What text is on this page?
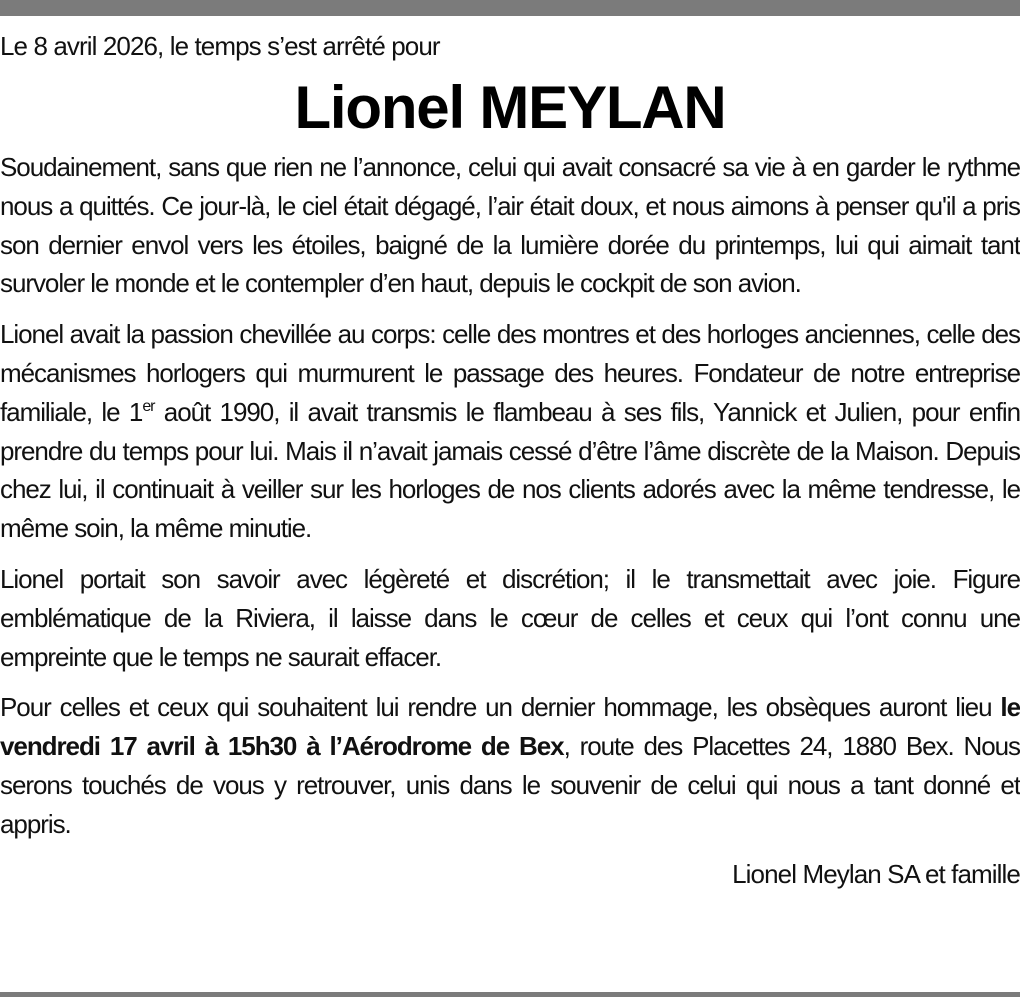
Le 8 avril 2026, le temps s’est arrêté pour

Lionel MEYLAN

Soudainement, sans que rien ne l’annonce, celui qui avait consacré sa vie à en garder le rythme nous a quittés. Ce jour-là, le ciel était dégagé, l’air était doux, et nous aimons à penser qu'il a pris son dernier envol vers les étoiles, baigné de la lumière dorée du printemps, lui qui aimait tant survoler le monde et le contempler d’en haut, depuis le cockpit de son avion.

Lionel avait la passion chevillée au corps: celle des montres et des horloges anciennes, celle des mécanismes horlogers qui murmurent le passage des heures. Fondateur de notre entreprise familiale, le 1er août 1990, il avait transmis le flambeau à ses fils, Yannick et Julien, pour enfin prendre du temps pour lui. Mais il n’avait jamais cessé d’être l’âme discrète de la Maison. Depuis chez lui, il continuait à veiller sur les horloges de nos clients adorés avec la même tendresse, le même soin, la même minutie.

Lionel portait son savoir avec légèreté et discrétion; il le transmettait avec joie. Figure emblématique de la Riviera, il laisse dans le cœur de celles et ceux qui l’ont connu une empreinte que le temps ne saurait effacer.

Pour celles et ceux qui souhaitent lui rendre un dernier hommage, les obsèques auront lieu le vendredi 17 avril à 15h30 à l’Aérodrome de Bex, route des Placettes 24, 1880 Bex. Nous serons touchés de vous y retrouver, unis dans le souvenir de celui qui nous a tant donné et appris.

Lionel Meylan SA et famille
